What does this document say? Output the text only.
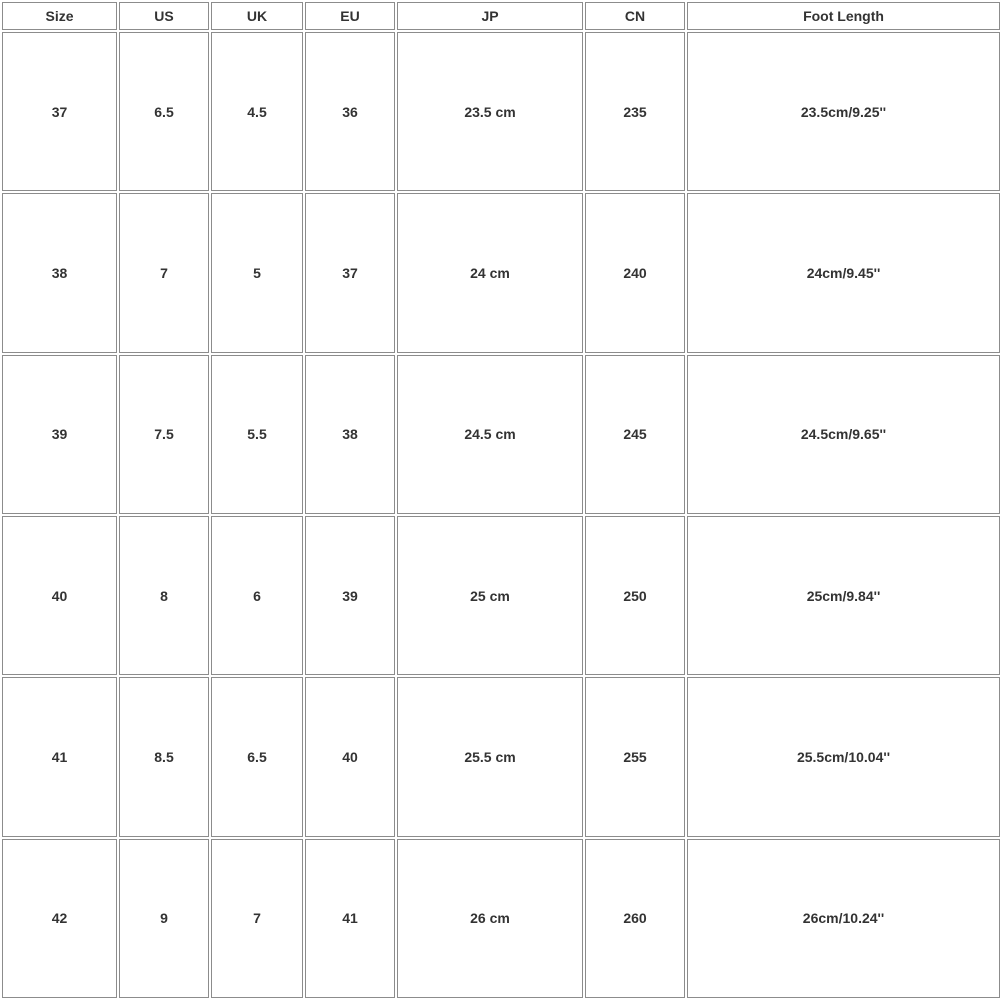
Size	US	UK	EU	JP	CN	Foot Length
37	6.5	4.5	36	23.5 cm	235	23.5cm/9.25''
38	7	5	37	24 cm	240	24cm/9.45''
39	7.5	5.5	38	24.5 cm	245	24.5cm/9.65''
40	8	6	39	25 cm	250	25cm/9.84''
41	8.5	6.5	40	25.5 cm	255	25.5cm/10.04''
42	9	7	41	26 cm	260	26cm/10.24''
